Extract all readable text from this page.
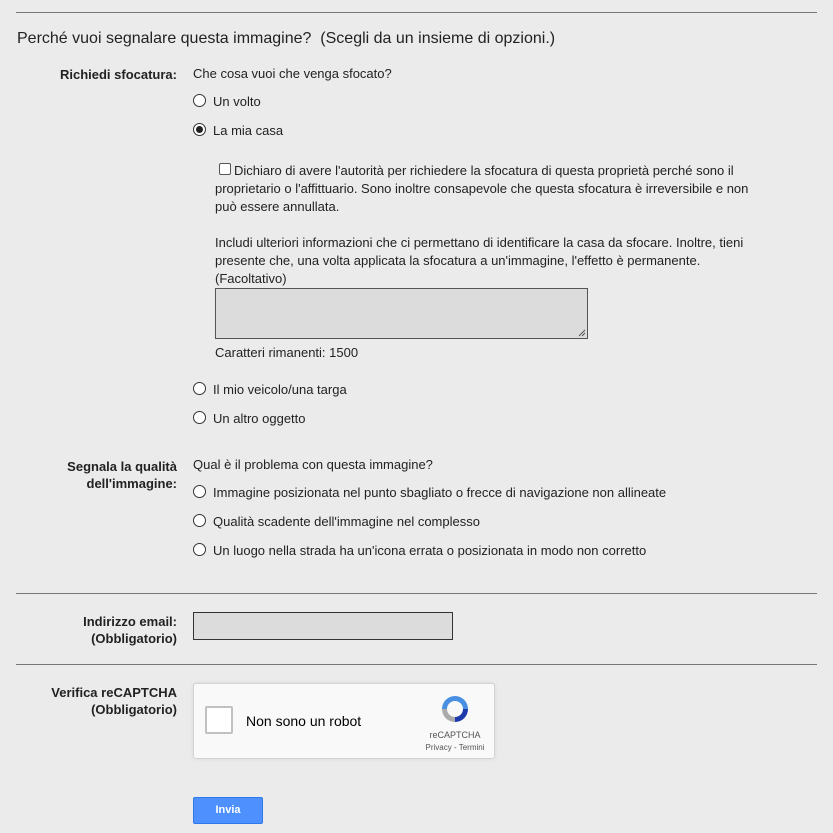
Perché vuoi segnalare questa immagine? (Scegli da un insieme di opzioni.)
Richiedi sfocatura: Che cosa vuoi che venga sfocato?
Un volto
La mia casa
Dichiaro di avere l'autorità per richiedere la sfocatura di questa proprietà perché sono il proprietario o l'affittuario. Sono inoltre consapevole che questa sfocatura è irreversibile e non può essere annullata.
Includi ulteriori informazioni che ci permettano di identificare la casa da sfocare. Inoltre, tieni presente che, una volta applicata la sfocatura a un'immagine, l'effetto è permanente. (Facoltativo)
Caratteri rimanenti: 1500
Il mio veicolo/una targa
Un altro oggetto
Segnala la qualità
dell'immagine:
Qual è il problema con questa immagine?
Immagine posizionata nel punto sbagliato o frecce di navigazione non allineate
Qualità scadente dell'immagine nel complesso
Un luogo nella strada ha un'icona errata o posizionata in modo non corretto
Indirizzo email:
(Obbligatorio)
Verifica reCAPTCHA
(Obbligatorio)
Non sono un robot
reCAPTCHA
Privacy - Termini
Invia
